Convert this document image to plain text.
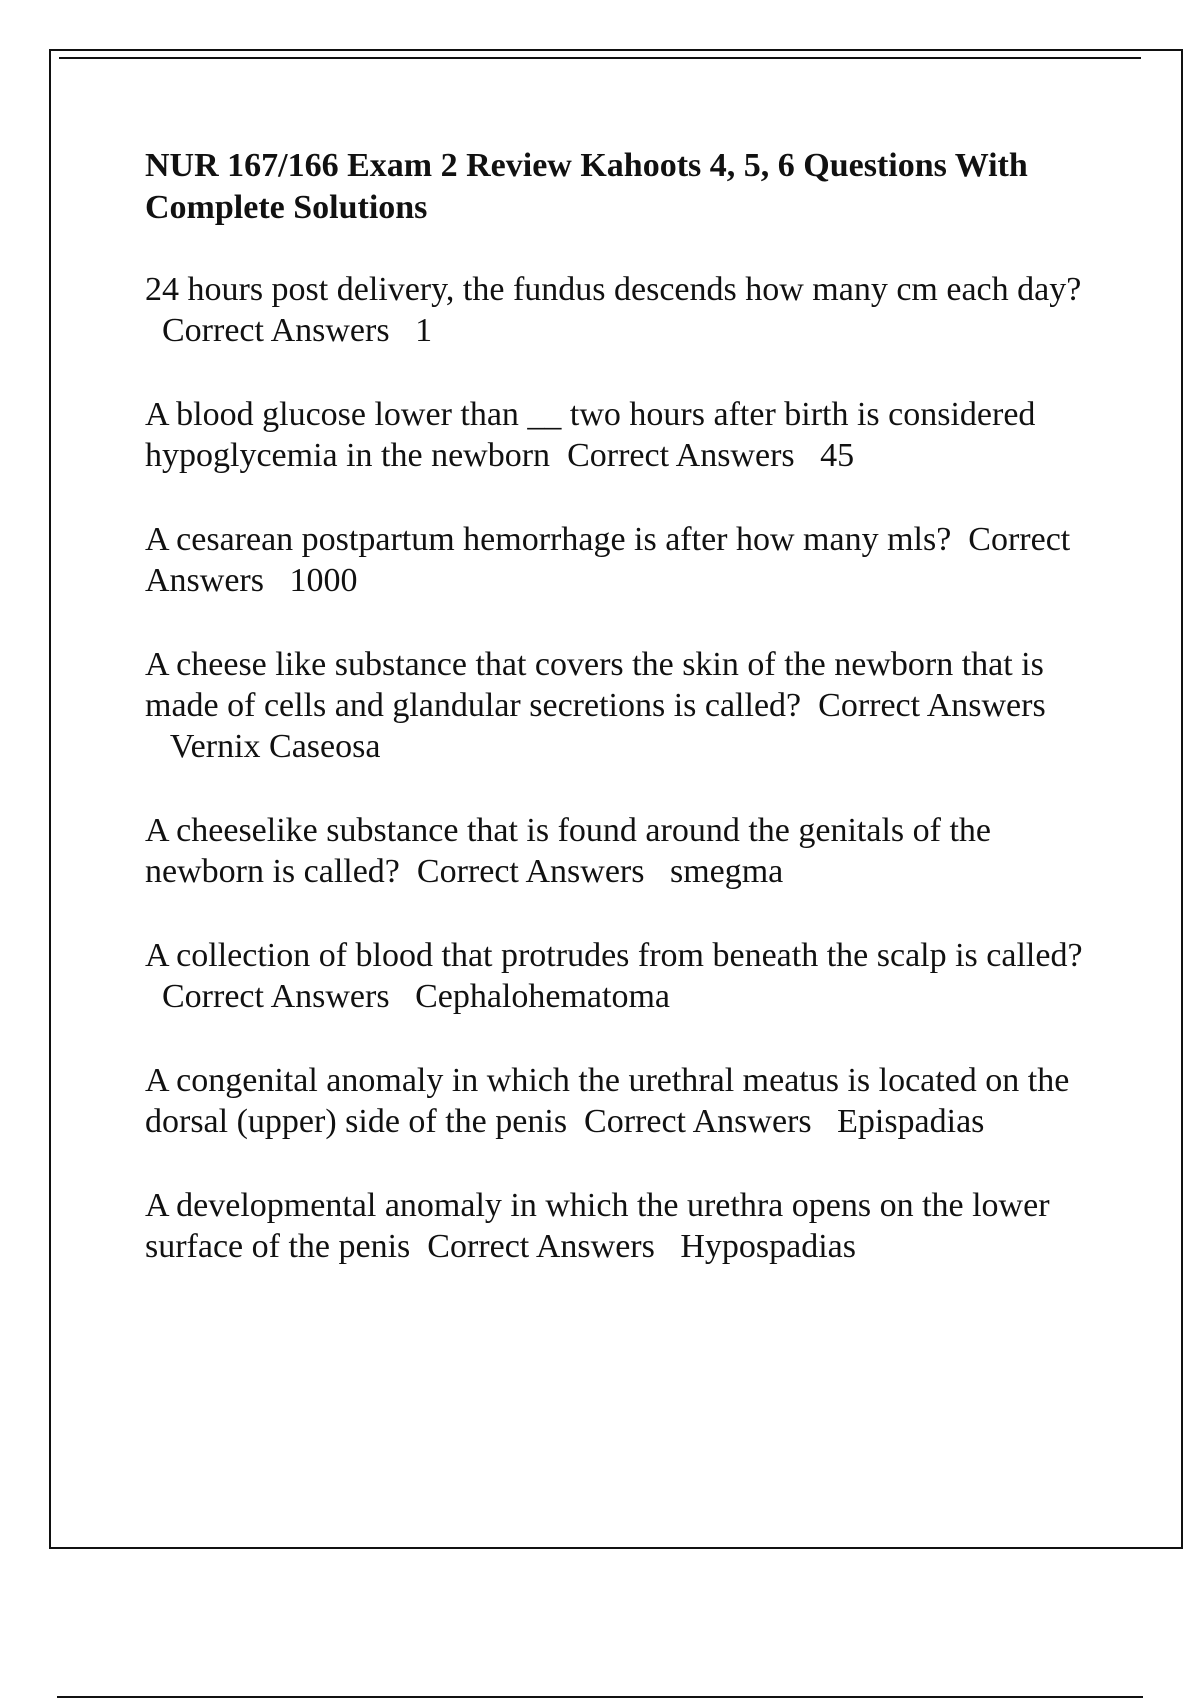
NUR 167/166 Exam 2 Review Kahoots 4, 5, 6 Questions With Complete Solutions
24 hours post delivery, the fundus descends how many cm each day?  Correct Answers 1
A blood glucose lower than __ two hours after birth is considered hypoglycemia in the newborn Correct Answers 45
A cesarean postpartum hemorrhage is after how many mls? Correct Answers 1000
A cheese like substance that covers the skin of the newborn that is made of cells and glandular secretions is called? Correct Answers   Vernix Caseosa
A cheeselike substance that is found around the genitals of the newborn is called? Correct Answers smegma
A collection of blood that protrudes from beneath the scalp is called?  Correct Answers Cephalohematoma
A congenital anomaly in which the urethral meatus is located on the dorsal (upper) side of the penis Correct Answers Epispadias
A developmental anomaly in which the urethra opens on the lower surface of the penis Correct Answers Hypospadias
